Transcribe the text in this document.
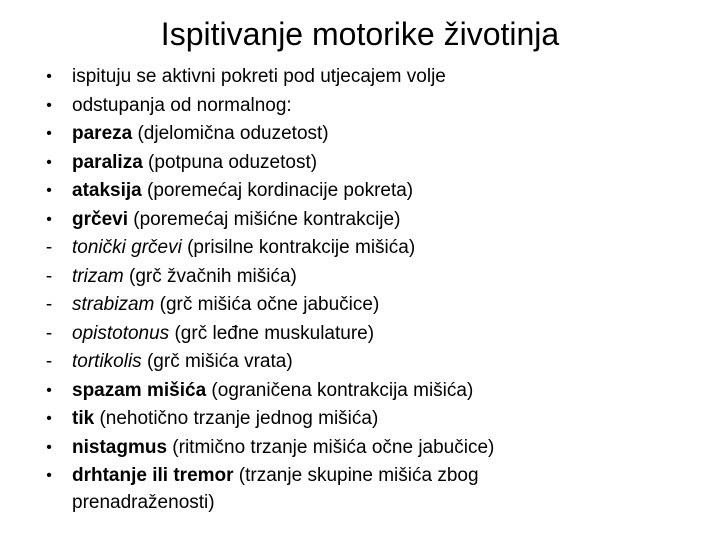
Ispitivanje motorike životinja
•	ispituju se aktivni pokreti pod utjecajem volje
•	odstupanja od normalnog:
•	pareza (djelomična oduzetost)
•	paraliza (potpuna oduzetost)
•	ataksija (poremećaj kordinacije pokreta)
•	grčevi (poremećaj mišićne kontrakcije)
-	tonički grčevi (prisilne kontrakcije mišića)
-	trizam (grč žvačnih mišića)
-	strabizam (grč mišića očne jabučice)
-	opistotonus (grč leđne muskulature)
-	tortikolis (grč mišića vrata)
•	spazam mišića (ograničena kontrakcija mišića)
•	tik (nehotično trzanje jednog mišića)
•	nistagmus (ritmično trzanje mišića očne jabučice)
•	drhtanje ili tremor (trzanje skupine mišića zbog
prenadraženosti)
